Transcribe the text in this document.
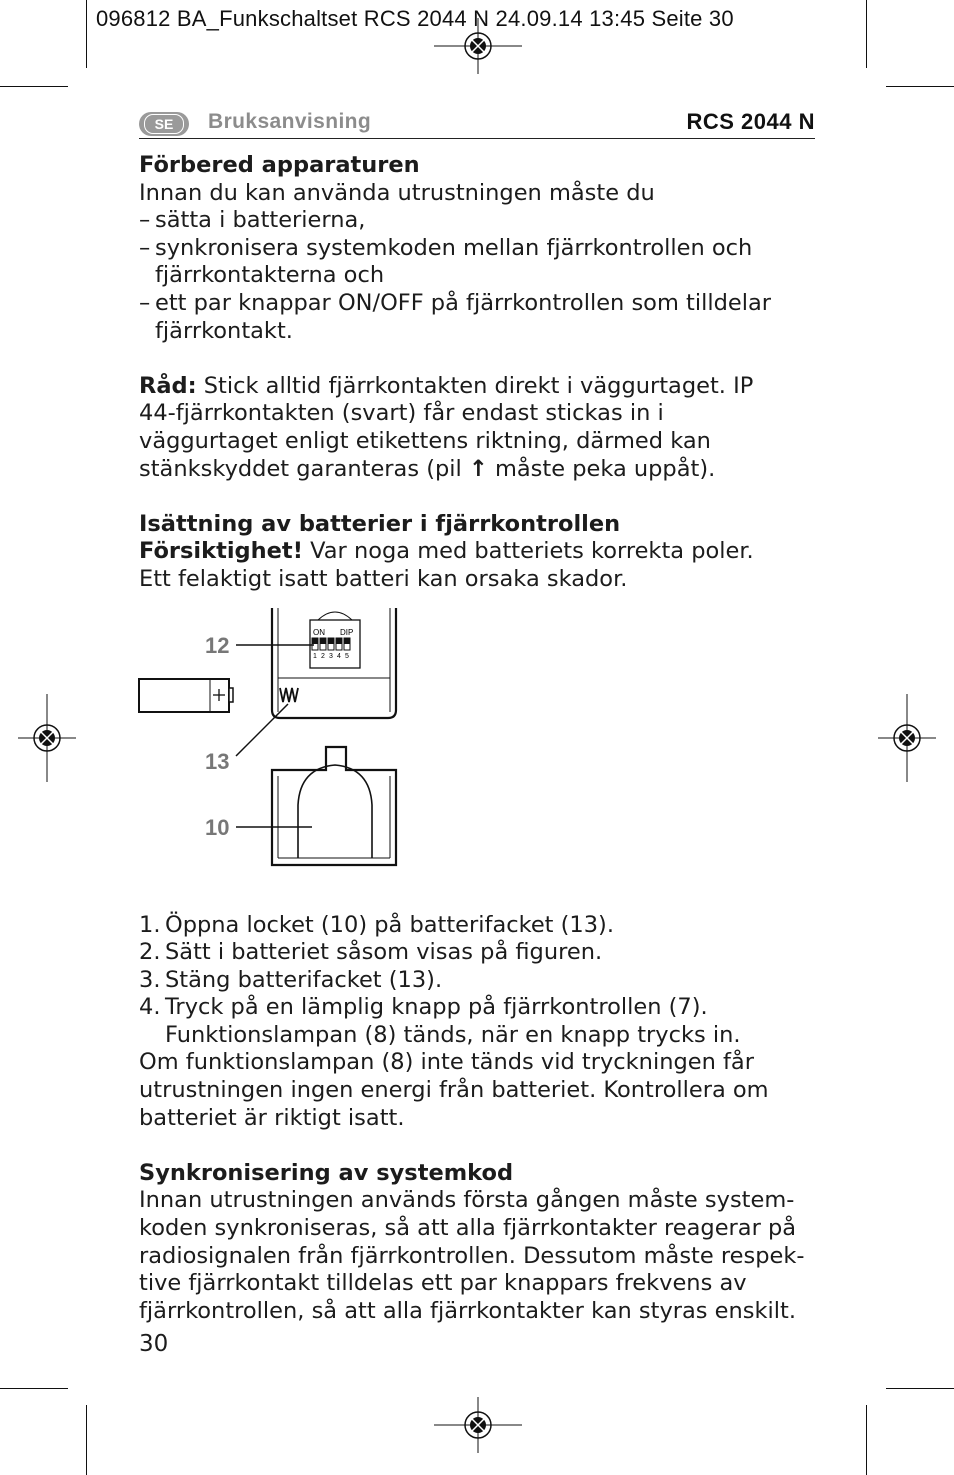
096812 BA_Funkschaltset RCS 2044 N 24.09.14 13:45 Seite 30
SE	Bruksanvisning	RCS 2044 N

Förbered apparaturen

Innan du kan använda utrustningen måste du

– sätta i batterierna,
– synkronisera systemkoden mellan fjärrkontrollen och fjärrkontakterna och
– ett par knappar ON/OFF på fjärrkontrollen som tilldelar fjärrkontakt.

Råd: Stick alltid fjärrkontakten direkt i väggurtaget. IP 44-fjärrkontakten (svart) får endast stickas in i väggurtaget enligt etikettens riktning, därmed kan stänkskyddet garanteras (pil ↑ måste peka uppåt).

Isättning av batterier i fjärrkontrollen

Försiktighet! Var noga med batteriets korrekta poler.

Ett felaktigt isatt batteri kan orsaka skador.

1. Öppna locket (10) på batterifacket (13).
2. Sätt i batteriet såsom visas på figuren.
3. Stäng batterifacket (13).
4. Tryck på en lämplig knapp på fjärrkontrollen (7). Funktionslampan (8) tänds, när en knapp trycks in.

Om funktionslampan (8) inte tänds vid tryckningen får utrustningen ingen energi från batteriet. Kontrollera om batteriet är riktigt isatt.

Synkronisering av systemkod

Innan utrustningen används första gången måste system-

koden synkroniseras, så att alla fjärrkontakter reagerar på

radiosignalen från fjärrkontrollen. Dessutom måste respek-

tive fjärrkontakt tilldelas ett par knappars frekvens av

fjärrkontrollen, så att alla fjärrkontakter kan styras enskilt.

ON DIP
1 2 3 4 5
12
13
10
30
